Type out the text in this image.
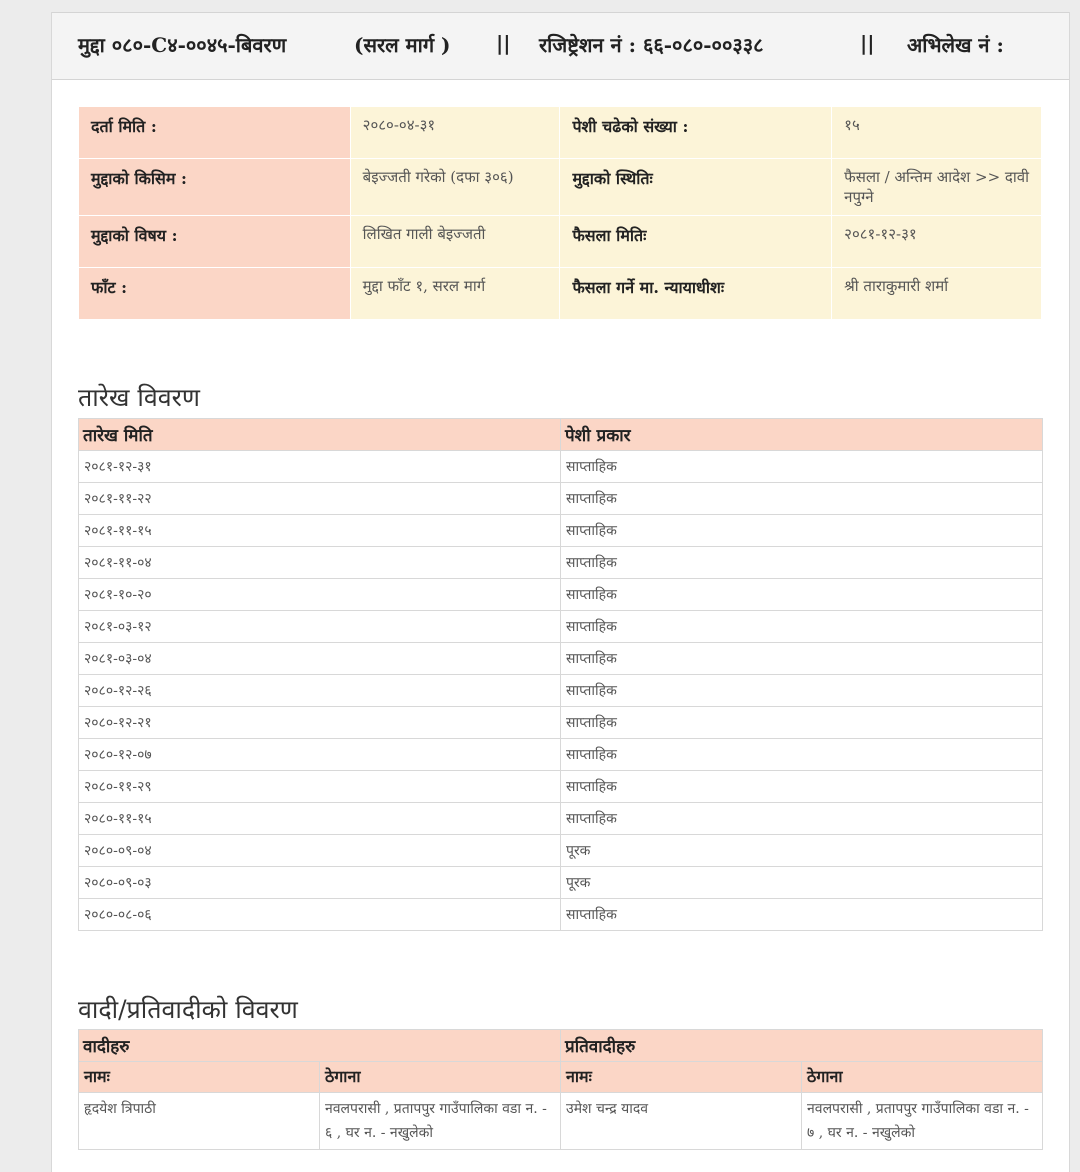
मुद्दा ०८०-C४-००४५-बिवरण	(सरल मार्ग ) || रजिष्ट्रेशन नं : ६६-०८०-००३३८	|| अभिलेख नं :
दर्ता मिति :	२०८०-०४-३१	पेशी चढेको संख्या :	१५
मुद्दाको किसिम :	बेइज्जती गरेको (दफा ३०६)	मुद्दाको स्थितिः	फैसला / अन्तिम आदेश >> दावी नपुग्ने
मुद्दाको विषय :	लिखित गाली बेइज्जती	फैसला मितिः	२०८१-१२-३१
फाँट :	मुद्दा फाँट १, सरल मार्ग	फैसला गर्ने मा. न्यायाधीशः	श्री ताराकुमारी शर्मा
तारेख विवरण
तारेख मिति	पेशी प्रकार
२०८१-१२-३१	साप्ताहिक
२०८१-११-२२	साप्ताहिक
२०८१-११-१५	साप्ताहिक
२०८१-११-०४	साप्ताहिक
२०८१-१०-२०	साप्ताहिक
२०८१-०३-१२	साप्ताहिक
२०८१-०३-०४	साप्ताहिक
२०८०-१२-२६	साप्ताहिक
२०८०-१२-२१	साप्ताहिक
२०८०-१२-०७	साप्ताहिक
२०८०-११-२९	साप्ताहिक
२०८०-११-१५	साप्ताहिक
२०८०-०९-०४	पूरक
२०८०-०९-०३	पूरक
२०८०-०८-०६	साप्ताहिक
वादी/प्रतिवादीको विवरण
वादीहरु		प्रतिवादीहरु	
नामः	ठेगाना	नामः	ठेगाना
हृदयेश त्रिपाठी	नवलपरासी , प्रतापपुर गाउँपालिका वडा न. - ६ , घर न. - नखुलेको	उमेश चन्द्र यादव	नवलपरासी , प्रतापपुर गाउँपालिका वडा न. - ७ , घर न. - नखुलेको
